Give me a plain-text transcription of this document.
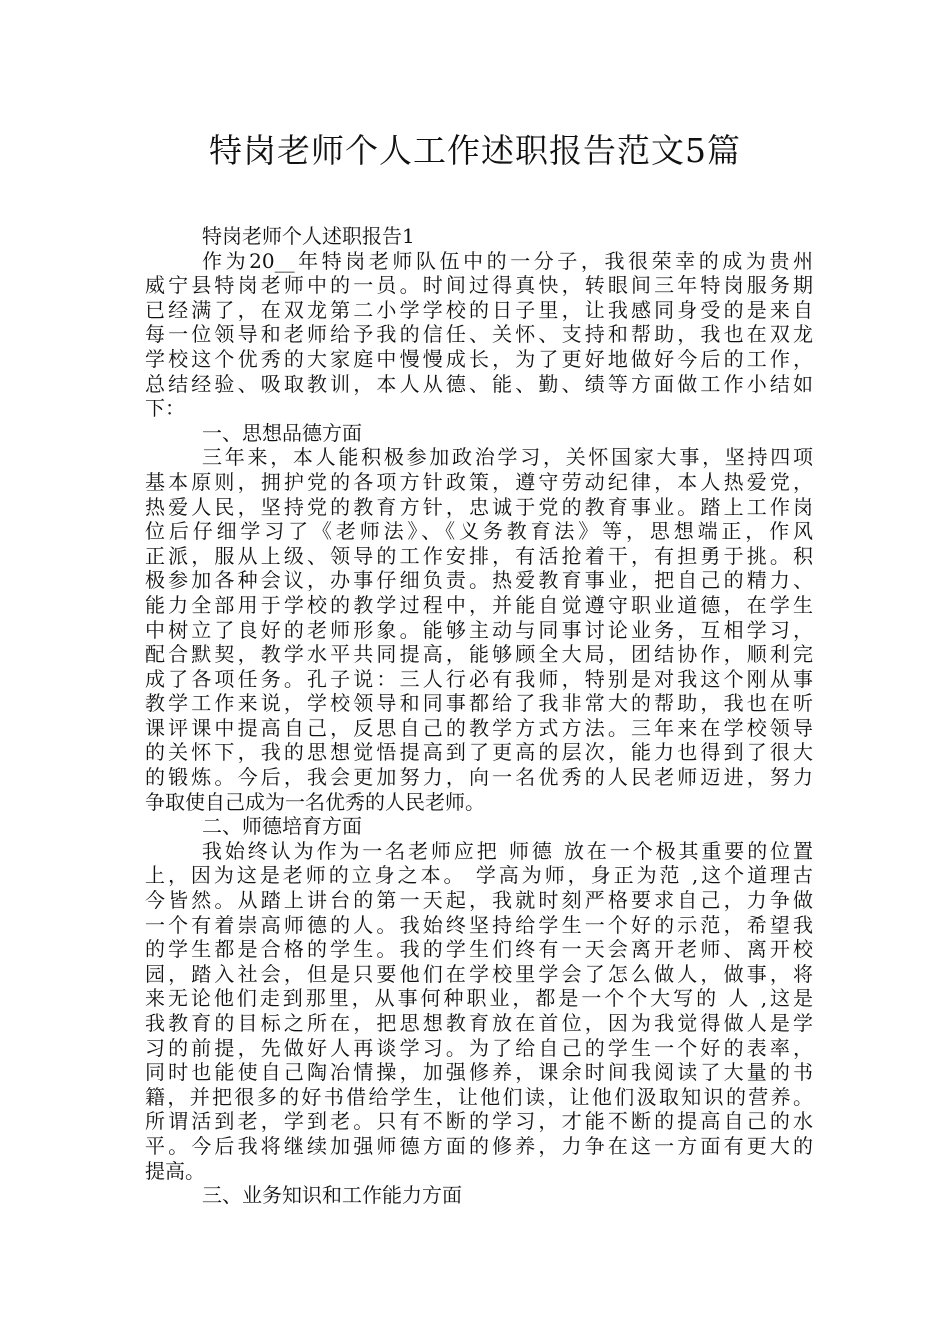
特岗老师个人工作述职报告范文5篇
特岗老师个人述职报告1
作为20__年特岗老师队伍中的一分子，我很荣幸的成为贵州
威宁县特岗老师中的一员。时间过得真快，转眼间三年特岗服务期
已经满了，在双龙第二小学学校的日子里，让我感同身受的是来自
每一位领导和老师给予我的信任、关怀、支持和帮助，我也在双龙
学校这个优秀的大家庭中慢慢成长，为了更好地做好今后的工作，
总结经验、吸取教训，本人从德、能、勤、绩等方面做工作小结如
下：
一、思想品德方面
三年来，本人能积极参加政治学习，关怀国家大事，坚持四项
基本原则，拥护党的各项方针政策，遵守劳动纪律，本人热爱党，
热爱人民，坚持党的教育方针，忠诚于党的教育事业。踏上工作岗
位后仔细学习了《老师法》、《义务教育法》等，思想端正，作风
正派，服从上级、领导的工作安排，有活抢着干，有担勇于挑。积
极参加各种会议，办事仔细负责。热爱教育事业，把自己的精力、
能力全部用于学校的教学过程中，并能自觉遵守职业道德，在学生
中树立了良好的老师形象。能够主动与同事讨论业务，互相学习，
配合默契，教学水平共同提高，能够顾全大局，团结协作，顺利完
成了各项任务。孔子说：三人行必有我师，特别是对我这个刚从事
教学工作来说，学校领导和同事都给了我非常大的帮助，我也在听
课评课中提高自己，反思自己的教学方式方法。三年来在学校领导
的关怀下，我的思想觉悟提高到了更高的层次，能力也得到了很大
的锻炼。今后，我会更加努力，向一名优秀的人民老师迈进，努力
争取使自己成为一名优秀的人民老师。
二、师德培育方面
我始终认为作为一名老师应把 师德 放在一个极其重要的位置
上，因为这是老师的立身之本。 学高为师，身正为范 ,这个道理古
今皆然。从踏上讲台的第一天起，我就时刻严格要求自己，力争做
一个有着崇高师德的人。我始终坚持给学生一个好的示范，希望我
的学生都是合格的学生。我的学生们终有一天会离开老师、离开校
园，踏入社会，但是只要他们在学校里学会了怎么做人，做事，将
来无论他们走到那里，从事何种职业，都是一个个大写的 人 ,这是
我教育的目标之所在，把思想教育放在首位，因为我觉得做人是学
习的前提，先做好人再谈学习。为了给自己的学生一个好的表率，
同时也能使自己陶冶情操，加强修养，课余时间我阅读了大量的书
籍，并把很多的好书借给学生，让他们读，让他们汲取知识的营养。
所谓活到老，学到老。只有不断的学习，才能不断的提高自己的水
平。今后我将继续加强师德方面的修养，力争在这一方面有更大的
提高。
三、业务知识和工作能力方面
